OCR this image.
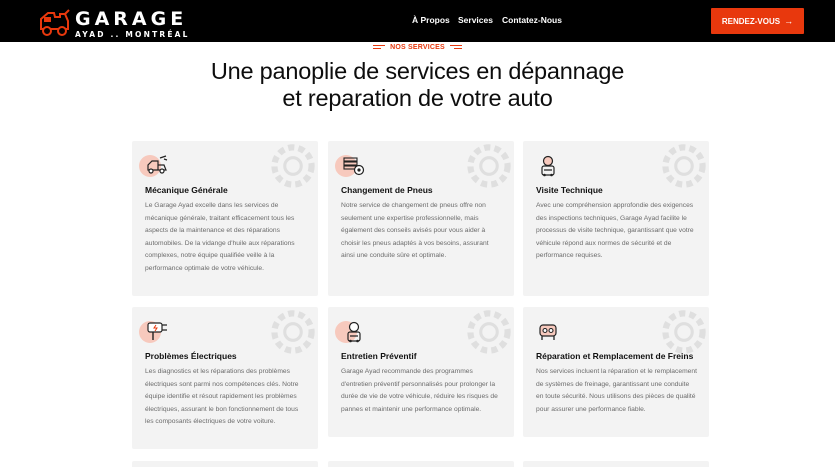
GARAGE
AYAD .. MONTRÉAL
À Propos Services	Contatez-Nous	RENDEZ-VOUS →
NOS SERVICES
Une panoplie de services en dépannage
et reparation de votre auto
Mécanique Générale
Le Garage Ayad excelle dans les services de mécanique générale, traitant efficacement tous les aspects de la maintenance et des réparations automobiles. De la vidange d'huile aux réparations complexes, notre équipe qualifiée veille à la performance optimale de votre véhicule.
Changement de Pneus
Notre service de changement de pneus offre non seulement une expertise professionnelle, mais également des conseils avisés pour vous aider à choisir les pneus adaptés à vos besoins, assurant ainsi une conduite sûre et optimale.
Visite Technique
Avec une compréhension approfondie des exigences des inspections techniques, Garage Ayad facilite le processus de visite technique, garantissant que votre véhicule répond aux normes de sécurité et de performance requises.
Problèmes Électriques
Les diagnostics et les réparations des problèmes électriques sont parmi nos compétences clés. Notre équipe identifie et résout rapidement les problèmes électriques, assurant le bon fonctionnement de tous les composants électriques de votre voiture.
Entretien Préventif
Garage Ayad recommande des programmes d'entretien préventif personnalisés pour prolonger la durée de vie de votre véhicule, réduire les risques de pannes et maintenir une performance optimale.
Réparation et Remplacement de Freins
Nos services incluent la réparation et le remplacement de systèmes de freinage, garantissant une conduite en toute sécurité. Nous utilisons des pièces de qualité pour assurer une performance fiable.
